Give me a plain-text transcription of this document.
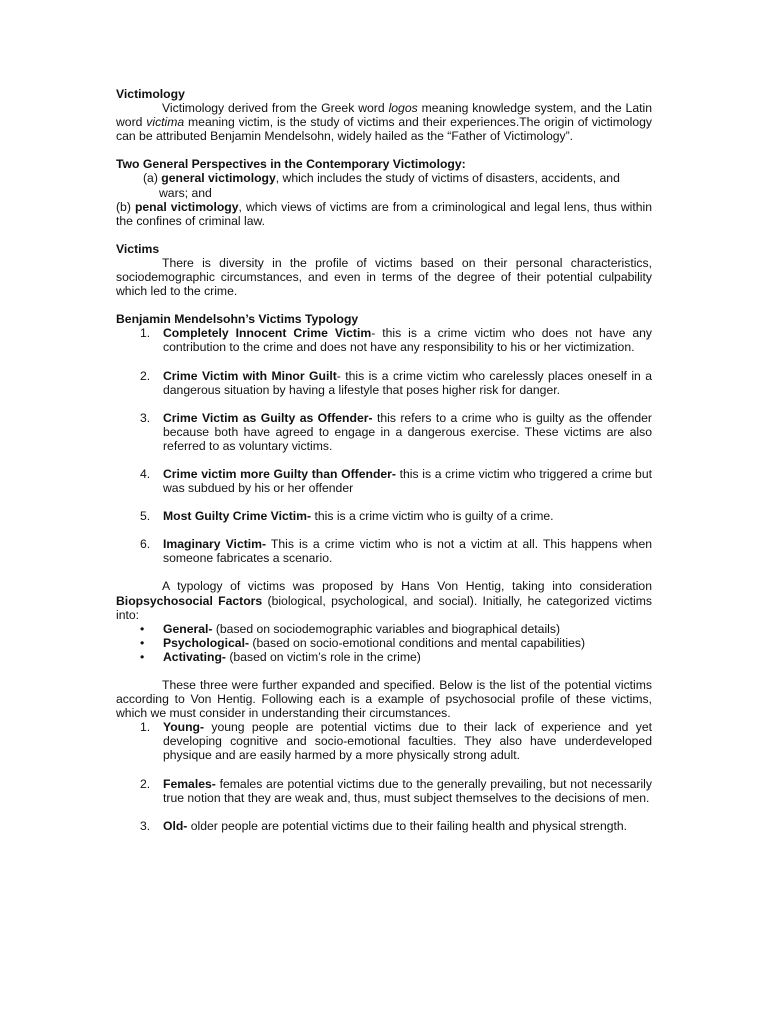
Victimology

Victimology derived from the Greek word logos meaning knowledge system, and the Latin word victima meaning victim, is the study of victims and their experiences.The origin of victimology can be attributed Benjamin Mendelsohn, widely hailed as the “Father of Victimology”.

Two General Perspectives in the Contemporary Victimology:

(a) general victimology, which includes the study of victims of disasters, accidents, and

wars; and

(b) penal victimology, which views of victims are from a criminological and legal lens, thus within the confines of criminal law.

Victims

There is diversity in the profile of victims based on their personal characteristics, sociodemographic circumstances, and even in terms of the degree of their potential culpability which led to the crime.

Benjamin Mendelsohn’s Victims Typology

1. Completely Innocent Crime Victim- this is a crime victim who does not have any contribution to the crime and does not have any responsibility to his or her victimization.
2. Crime Victim with Minor Guilt- this is a crime victim who carelessly places oneself in a dangerous situation by having a lifestyle that poses higher risk for danger.
3. Crime Victim as Guilty as Offender- this refers to a crime who is guilty as the offender because both have agreed to engage in a dangerous exercise. These victims are also referred to as voluntary victims.
4. Crime victim more Guilty than Offender- this is a crime victim who triggered a crime but was subdued by his or her offender
5. Most Guilty Crime Victim- this is a crime victim who is guilty of a crime.
6. Imaginary Victim- This is a crime victim who is not a victim at all. This happens when someone fabricates a scenario.

A typology of victims was proposed by Hans Von Hentig, taking into consideration Biopsychosocial Factors (biological, psychological, and social). Initially, he categorized victims into:

• General- (based on sociodemographic variables and biographical details)
• Psychological- (based on socio-emotional conditions and mental capabilities)
• Activating- (based on victim’s role in the crime)

These three were further expanded and specified. Below is the list of the potential victims according to Von Hentig. Following each is a example of psychosocial profile of these victims, which we must consider in understanding their circumstances.

1. Young- young people are potential victims due to their lack of experience and yet developing cognitive and socio-emotional faculties. They also have underdeveloped physique and are easily harmed by a more physically strong adult.
2. Females- females are potential victims due to the generally prevailing, but not necessarily true notion that they are weak and, thus, must subject themselves to the decisions of men.
3. Old- older people are potential victims due to their failing health and physical strength.
